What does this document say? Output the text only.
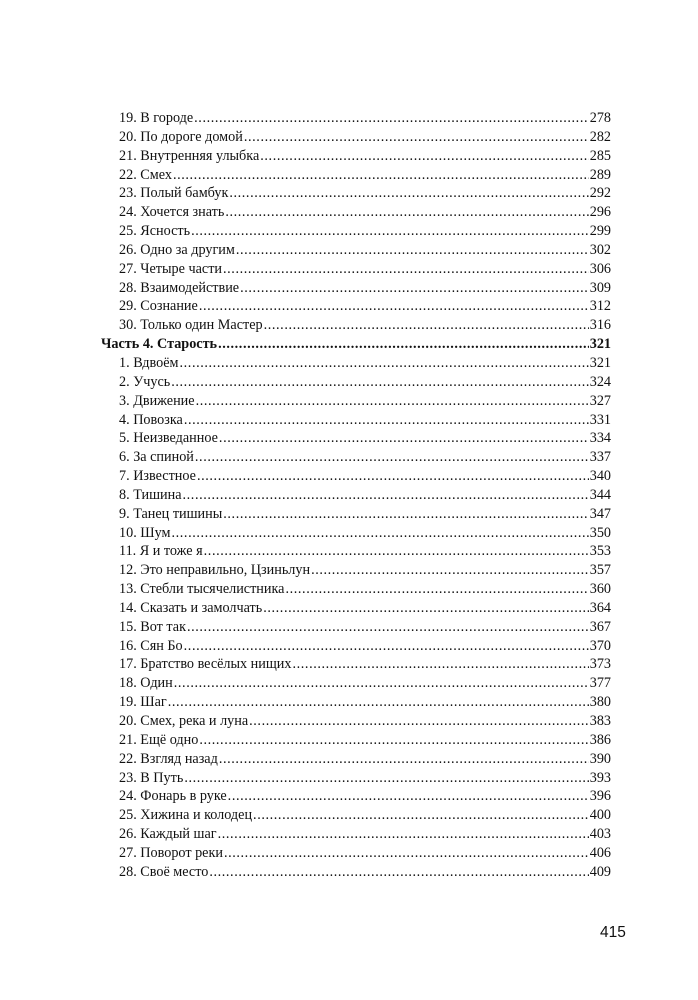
19. В городе .....	278
20. По дороге домой .....	282
21. Внутренняя улыбка .....	285
22. Смех .....	289
23. Полый бамбук .....	292
24. Хочется знать .....	296
25. Ясность .....	299
26. Одно за другим .....	302
27. Четыре части .....	306
28. Взаимодействие .....	309
29. Сознание .....	312
30. Только один Мастер .....	316
Часть 4. Старость .....	321
1. Вдвоём .....	321
2. Учусь .....	324
3. Движение .....	327
4. Повозка .....	331
5. Неизведанное .....	334
6. За спиной .....	337
7. Известное .....	340
8. Тишина .....	344
9. Танец тишины .....	347
10. Шум .....	350
11. Я и тоже я .....	353
12. Это неправильно, Цзиньлун .....	357
13. Стебли тысячелистника .....	360
14. Сказать и замолчать .....	364
15. Вот так .....	367
16. Сян Бо .....	370
17. Братство весёлых нищих .....	373
18. Один .....	377
19. Шаг .....	380
20. Смех, река и луна .....	383
21. Ещё одно .....	386
22. Взгляд назад .....	390
23. В Путь .....	393
24. Фонарь в руке .....	396
25. Хижина и колодец .....	400
26. Каждый шаг .....	403
27. Поворот реки .....	406
28. Своё место .....	409
415
